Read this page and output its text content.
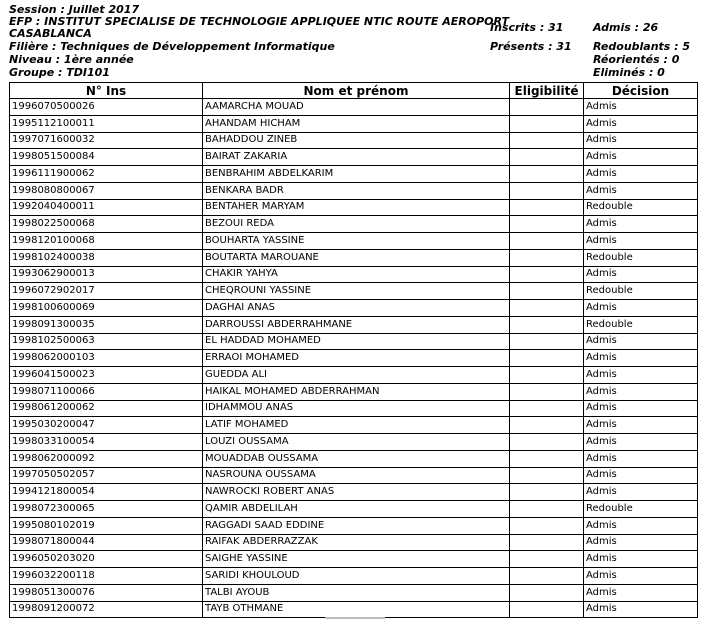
Session : Juillet 2017
EFP : INSTITUT SPECIALISE DE TECHNOLOGIE APPLIQUEE NTIC ROUTE AEROPORT
CASABLANCA
Filière : Techniques de Développement Informatique
Niveau : 1ère année
Groupe : TDI101
Inscrits : 31
Présents : 31
Admis : 26
Redoublants : 5
Réorientés : 0
Eliminés : 0
N° Ins	Nom et prénom	Eligibilité	Décision
1996070500026	AAMARCHA MOUAD		Admis
1995112100011	AHANDAM HICHAM		Admis
1997071600032	BAHADDOU ZINEB		Admis
1998051500084	BAIRAT ZAKARIA		Admis
1996111900062	BENBRAHIM ABDELKARIM		Admis
1998080800067	BENKARA BADR		Admis
1992040400011	BENTAHER MARYAM		Redouble
1998022500068	BEZOUI REDA		Admis
1998120100068	BOUHARTA YASSINE		Admis
1998102400038	BOUTARTA MAROUANE		Redouble
1993062900013	CHAKIR YAHYA		Admis
1996072902017	CHEQROUNI YASSINE		Redouble
1998100600069	DAGHAI ANAS		Admis
1998091300035	DARROUSSI ABDERRAHMANE		Redouble
1998102500063	EL HADDAD MOHAMED		Admis
1998062000103	ERRAOI MOHAMED		Admis
1996041500023	GUEDDA ALI		Admis
1998071100066	HAIKAL MOHAMED ABDERRAHMAN		Admis
1998061200062	IDHAMMOU ANAS		Admis
1995030200047	LATIF MOHAMED		Admis
1998033100054	LOUZI OUSSAMA		Admis
1998062000092	MOUADDAB OUSSAMA		Admis
1997050502057	NASROUNA OUSSAMA		Admis
1994121800054	NAWROCKI ROBERT ANAS		Admis
1998072300065	QAMIR ABDELILAH		Redouble
1995080102019	RAGGADI SAAD EDDINE		Admis
1998071800044	RAIFAK ABDERRAZZAK		Admis
1996050203020	SAIGHE YASSINE		Admis
1996032200118	SARIDI KHOULOUD		Admis
1998051300076	TALBI AYOUB		Admis
1998091200072	TAYB OTHMANE		Admis
